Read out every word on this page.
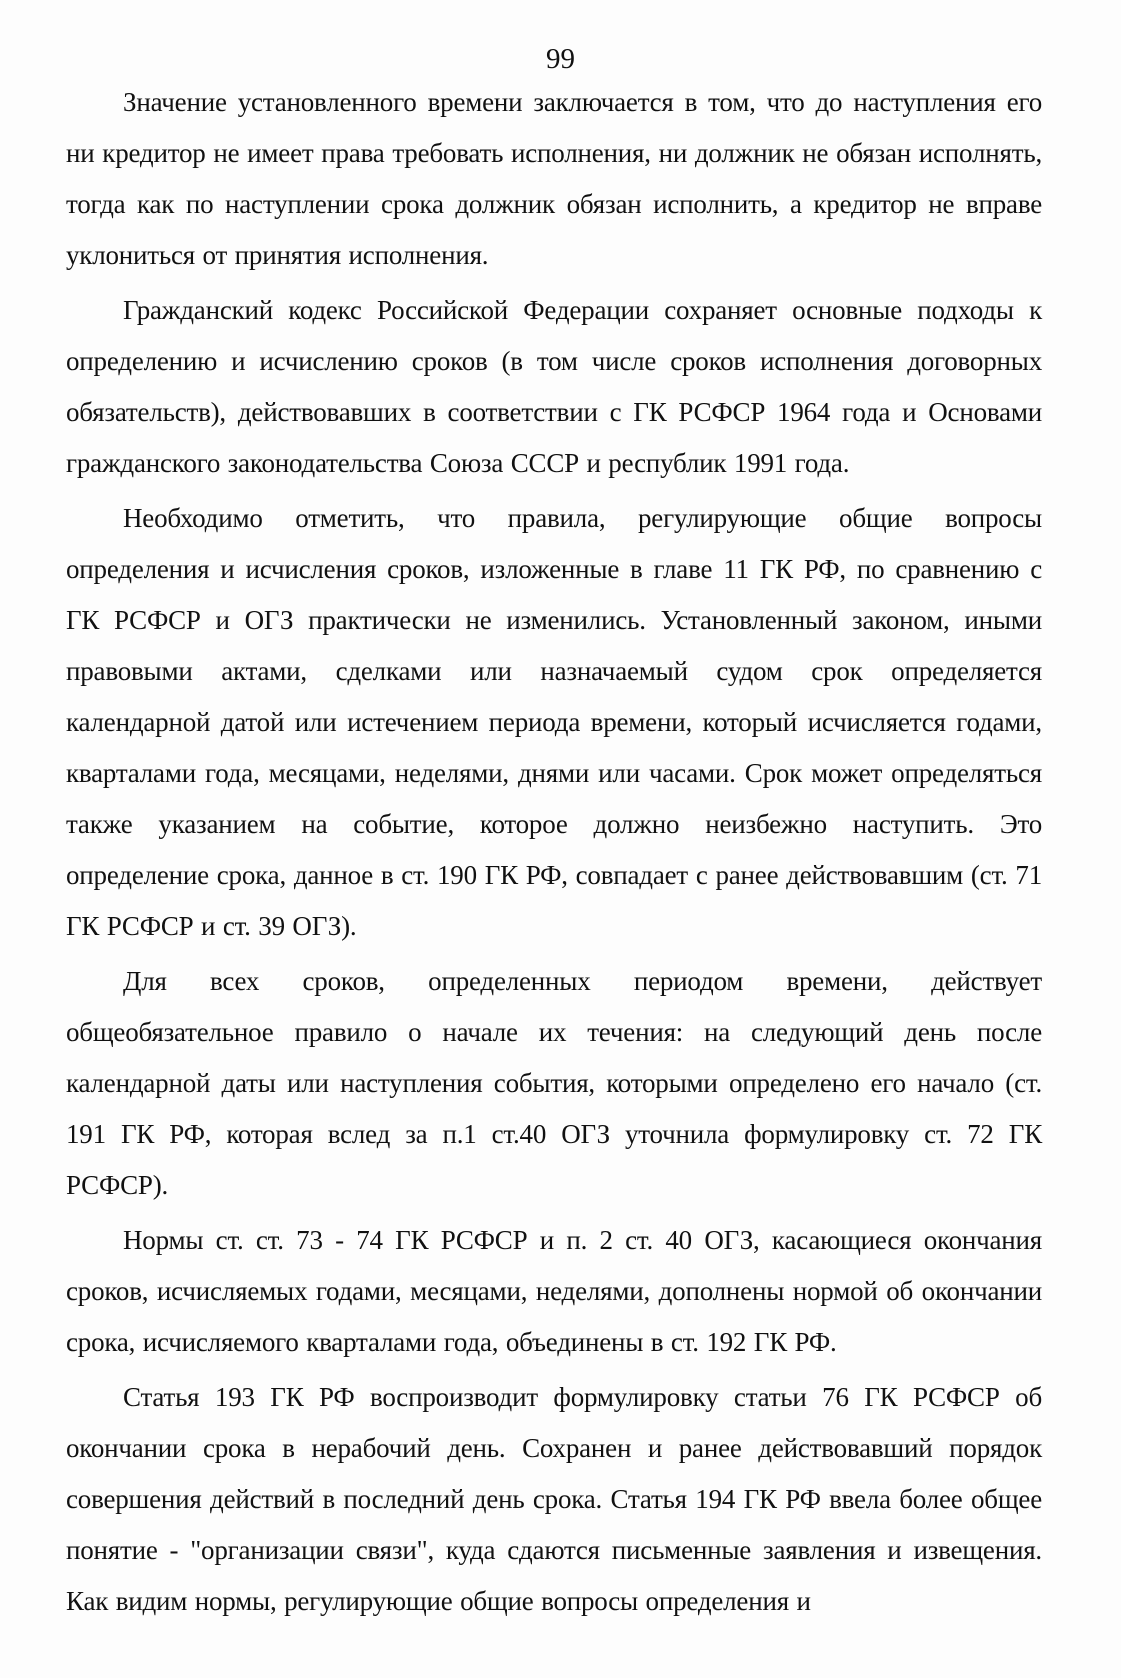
99

Значение установленного времени заключается в том, что до наступления его ни кредитор не имеет права требовать исполнения, ни должник не обязан исполнять, тогда как по наступлении срока должник обязан исполнить, а кредитор не вправе уклониться от принятия исполнения.

Гражданский кодекс Российской Федерации сохраняет основные подходы к определению и исчислению сроков (в том числе сроков исполнения договорных обязательств), действовавших в соответствии с ГК РСФСР 1964 года и Основами гражданского законодательства Союза СССР и республик 1991 года.

Необходимо отметить, что правила, регулирующие общие вопросы определения и исчисления сроков, изложенные в главе 11 ГК РФ, по сравнению с ГК РСФСР и ОГЗ практически не изменились. Установленный законом, иными правовыми актами, сделками или назначаемый судом срок определяется календарной датой или истечением периода времени, который исчисляется годами, кварталами года, месяцами, неделями, днями или часами. Срок может определяться также указанием на событие, которое должно неизбежно наступить. Это определение срока, данное в ст. 190 ГК РФ, совпадает с ранее действовавшим (ст. 71 ГК РСФСР и ст. 39 ОГЗ).

Для всех сроков, определенных периодом времени, действует общеобязательное правило о начале их течения: на следующий день после календарной даты или наступления события, которыми определено его начало (ст. 191 ГК РФ, которая вслед за п.1 ст.40 ОГЗ уточнила формулировку ст. 72 ГК РСФСР).

Нормы ст. ст. 73 - 74 ГК РСФСР и п. 2 ст. 40 ОГЗ, касающиеся окончания сроков, исчисляемых годами, месяцами, неделями, дополнены нормой об окончании срока, исчисляемого кварталами года, объединены в ст. 192 ГК РФ.

Статья 193 ГК РФ воспроизводит формулировку статьи 76 ГК РСФСР об окончании срока в нерабочий день. Сохранен и ранее действовавший порядок совершения действий в последний день срока. Статья 194 ГК РФ ввела более общее понятие - "организации связи", куда сдаются письменные заявления и извещения. Как видим нормы, регулирующие общие вопросы определения и
